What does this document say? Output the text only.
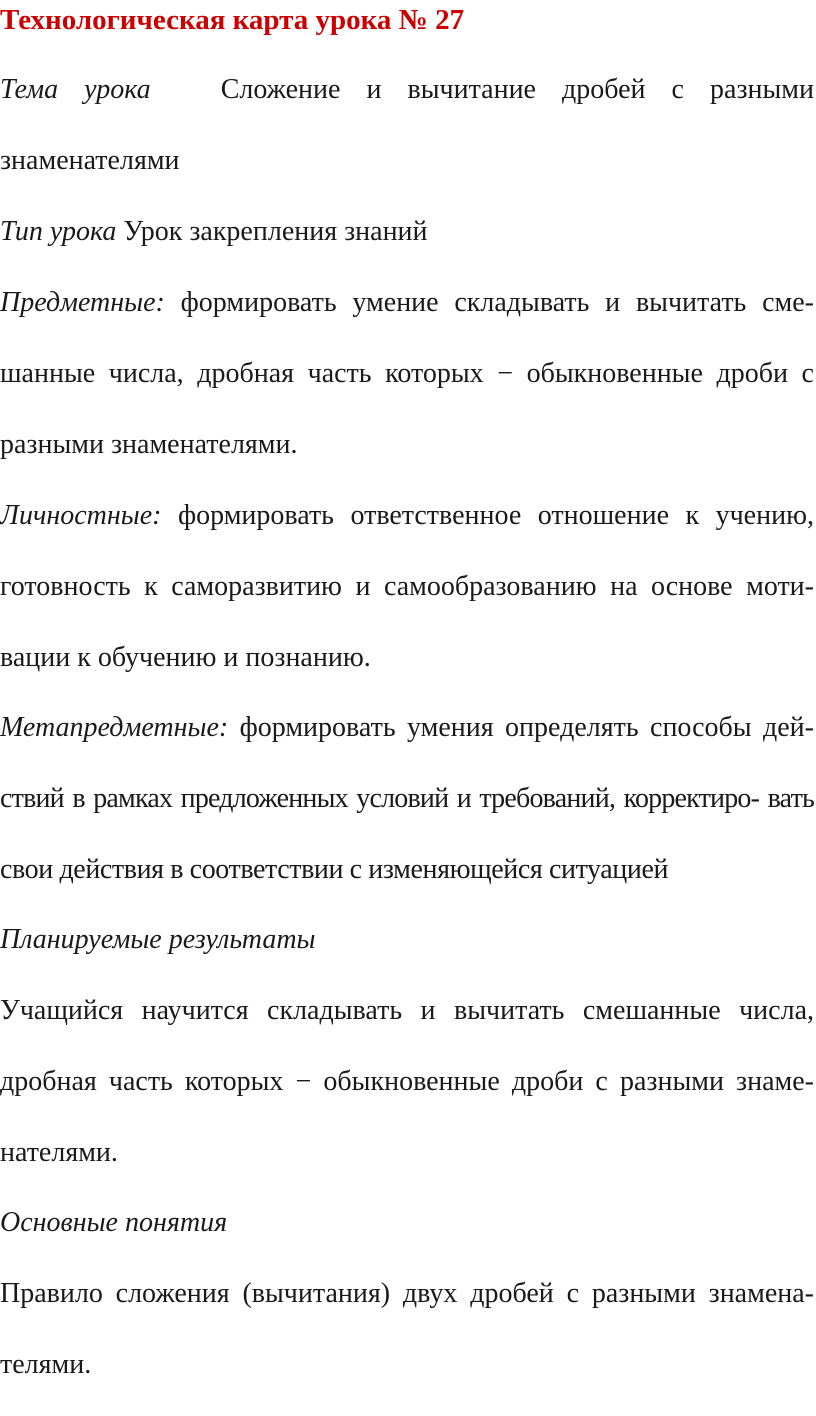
Технологическая карта урока № 27
Тема урока	Сложение и вычитание дробей с разными
знаменателями
Тип урока Урок закрепления знаний
Предметные: формировать умение складывать и вычитать сме-
шанные числа, дробная часть которых − обыкновенные дроби с
разными знаменателями.
Личностные: формировать ответственное отношение к учению,
готовность к саморазвитию и самообразованию на основе моти-
вации к обучению и познанию.
Метапредметные: формировать умения определять способы дей-
ствий в рамках предложенных условий и требований, корректиро- вать
свои действия в соответствии с изменяющейся ситуацией
Планируемые результаты
Учащийся научится складывать и вычитать смешанные числа,
дробная часть которых − обыкновенные дроби с разными знаме-
нателями.
Основные понятия
Правило сложения (вычитания) двух дробей с разными знамена-
телями.
